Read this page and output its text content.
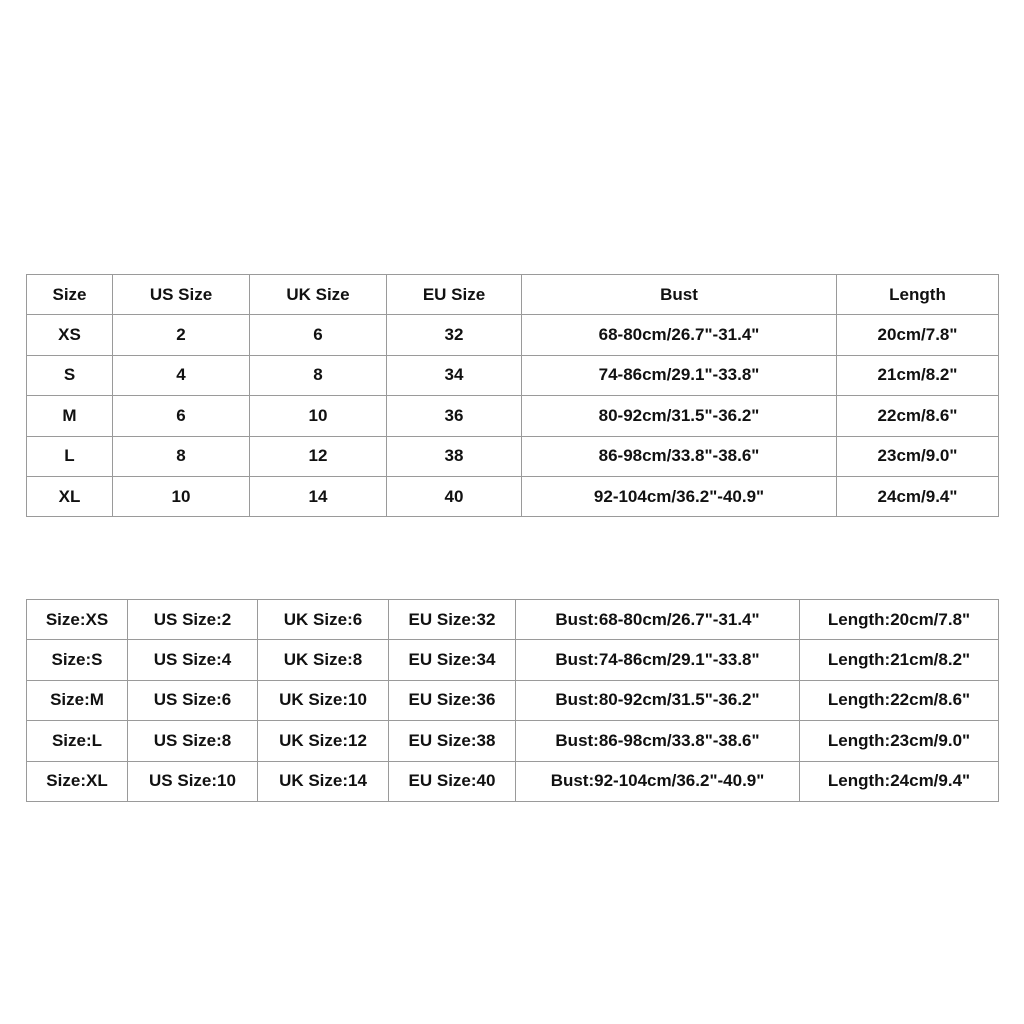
Size	US Size	UK Size	EU Size	Bust	Length
XS	2	6	32	68-80cm/26.7"-31.4"	20cm/7.8"
S	4	8	34	74-86cm/29.1"-33.8"	21cm/8.2"
M	6	10	36	80-92cm/31.5"-36.2"	22cm/8.6"
L	8	12	38	86-98cm/33.8"-38.6"	23cm/9.0"
XL	10	14	40	92-104cm/36.2"-40.9"	24cm/9.4"
Size:XS	US Size:2	UK Size:6	EU Size:32	Bust:68-80cm/26.7"-31.4"	Length:20cm/7.8"
Size:S	US Size:4	UK Size:8	EU Size:34	Bust:74-86cm/29.1"-33.8"	Length:21cm/8.2"
Size:M	US Size:6	UK Size:10	EU Size:36	Bust:80-92cm/31.5"-36.2"	Length:22cm/8.6"
Size:L	US Size:8	UK Size:12	EU Size:38	Bust:86-98cm/33.8"-38.6"	Length:23cm/9.0"
Size:XL	US Size:10	UK Size:14	EU Size:40	Bust:92-104cm/36.2"-40.9"	Length:24cm/9.4"
